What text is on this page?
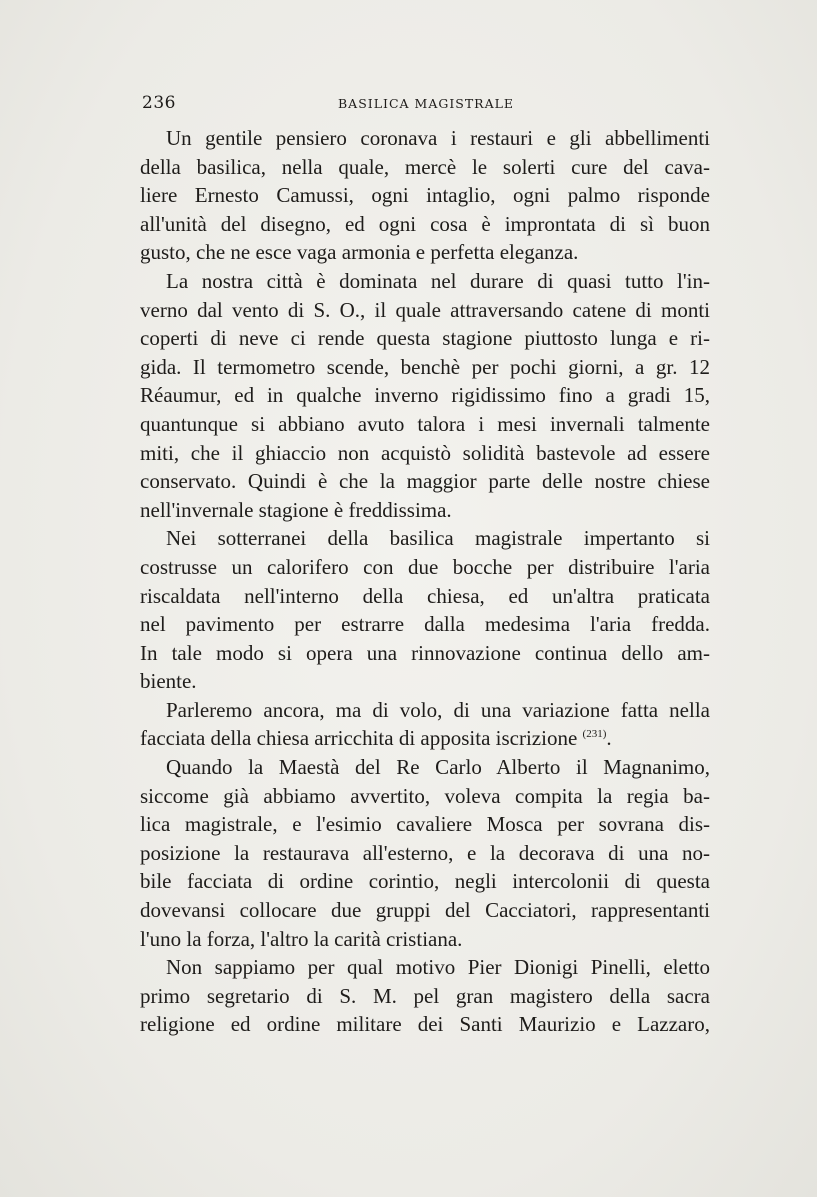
236	BASILICA MAGISTRALE
Un gentile pensiero coronava i restauri e gli abbellimenti
della basilica, nella quale, mercè le solerti cure del cava-
liere Ernesto Camussi, ogni intaglio, ogni palmo risponde
all'unità del disegno, ed ogni cosa è improntata di sì buon
gusto, che ne esce vaga armonia e perfetta eleganza.
La nostra città è dominata nel durare di quasi tutto l'in-
verno dal vento di S. O., il quale attraversando catene di monti
coperti di neve ci rende questa stagione piuttosto lunga e ri-
gida. Il termometro scende, benchè per pochi giorni, a gr. 12
Réaumur, ed in qualche inverno rigidissimo fino a gradi 15,
quantunque si abbiano avuto talora i mesi invernali talmente
miti, che il ghiaccio non acquistò solidità bastevole ad essere
conservato. Quindi è che la maggior parte delle nostre chiese
nell'invernale stagione è freddissima.
Nei sotterranei della basilica magistrale impertanto si
costrusse un calorifero con due bocche per distribuire l'aria
riscaldata nell'interno della chiesa, ed un'altra praticata
nel pavimento per estrarre dalla medesima l'aria fredda.
In tale modo si opera una rinnovazione continua dello am-
biente.
Parleremo ancora, ma di volo, di una variazione fatta nella
facciata della chiesa arricchita di apposita iscrizione $^{(231)}$.
Quando la Maestà del Re Carlo Alberto il Magnanimo,
siccome già abbiamo avvertito, voleva compita la regia ba-
lica magistrale, e l'esimio cavaliere Mosca per sovrana dis-
posizione la restaurava all'esterno, e la decorava di una no-
bile facciata di ordine corintio, negli intercolonii di questa
dovevansi collocare due gruppi del Cacciatori, rappresentanti
l'uno la forza, l'altro la carità cristiana.
Non sappiamo per qual motivo Pier Dionigi Pinelli, eletto
primo segretario di S. M. pel gran magistero della sacra
religione ed ordine militare dei Santi Maurizio e Lazzaro,
